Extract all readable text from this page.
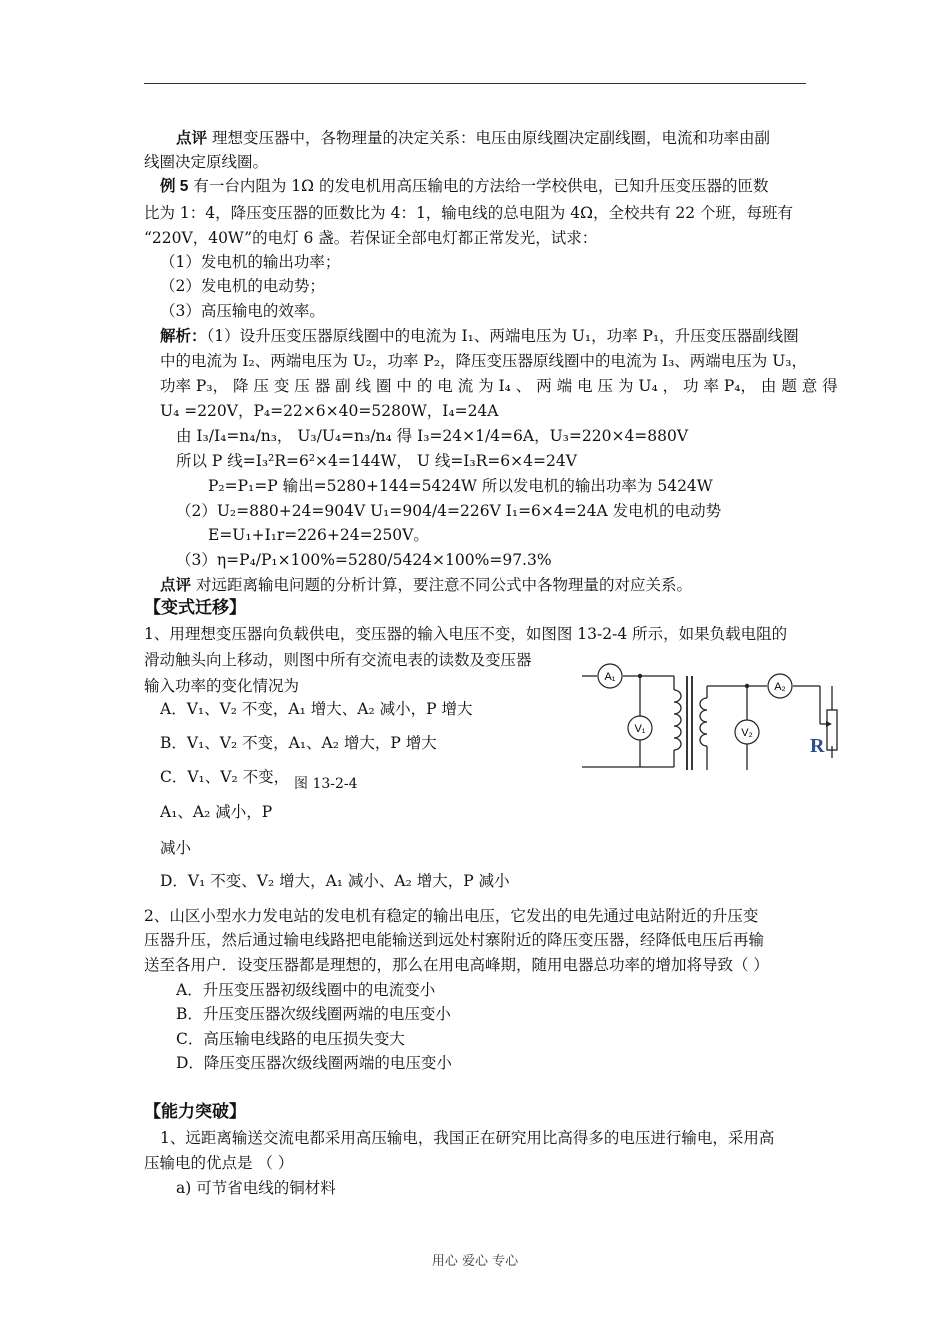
点评 理想变压器中，各物理量的决定关系：电压由原线圈决定副线圈，电流和功率由副
线圈决定原线圈。
例 5 有一台内阻为 1Ω 的发电机用高压输电的方法给一学校供电，已知升压变压器的匝数
比为 1：4，降压变压器的匝数比为 4：1，输电线的总电阻为 4Ω，全校共有 22 个班，每班有
“220V，40W”的电灯 6 盏。若保证全部电灯都正常发光，试求：
（1）发电机的输出功率；
（2）发电机的电动势；
（3）高压输电的效率。
解析：（1）设升压变压器原线圈中的电流为 I₁、两端电压为 U₁，功率 P₁，升压变压器副线圈
中的电流为 I₂、两端电压为 U₂，功率 P₂，降压变压器原线圈中的电流为 I₃、两端电压为 U₃，
功率 P₃， 降 压 变 压 器 副 线 圈 中 的 电 流 为 I₄ 、 两 端 电 压 为 U₄ ， 功 率 P₄， 由 题 意 得
U₄ =220V，P₄=22×6×40=5280W，I₄=24A
由 I₃/I₄=n₄/n₃， U₃/U₄=n₃/n₄ 得 I₃=24×1/4=6A，U₃=220×4=880V
所以 P 线=I₃²R=6²×4=144W， U 线=I₃R=6×4=24V
P₂=P₁=P 输出=5280+144=5424W 所以发电机的输出功率为 5424W
（2）U₂=880+24=904V U₁=904/4=226V I₁=6×4=24A 发电机的电动势
E=U₁+I₁r=226+24=250V。
（3）η=P₄/P₁×100%=5280/5424×100%=97.3%
点评 对远距离输电问题的分析计算，要注意不同公式中各物理量的对应关系。
【变式迁移】
1、用理想变压器向负载供电，变压器的输入电压不变，如图图 13-2-4 所示，如果负载电阻的
滑动触头向上移动，则图中所有交流电表的读数及变压器
输入功率的变化情况为
A．V₁、V₂ 不变，A₁ 增大、A₂ 减小，P 增大
B．V₁、V₂ 不变，A₁、A₂ 增大，P 增大
C．V₁、V₂ 不变， 图 13-2-4
A₁、A₂ 减小，P
减小
D．V₁ 不变、V₂ 增大，A₁ 减小、A₂ 增大，P 减小
2、山区小型水力发电站的发电机有稳定的输出电压，它发出的电先通过电站附近的升压变
压器升压，然后通过输电线路把电能输送到远处村寨附近的降压变压器，经降低电压后再输
送至各用户．设变压器都是理想的，那么在用电高峰期，随用电器总功率的增加将导致（ ）
A．升压变压器初级线圈中的电流变小
B．升压变压器次级线圈两端的电压变小
C．高压输电线路的电压损失变大
D．降压变压器次级线圈两端的电压变小
【能力突破】
1、远距离输送交流电都采用高压输电，我国正在研究用比高得多的电压进行输电，采用高
压输电的优点是 （ ）
a) 可节省电线的铜材料
A₁
V₁
A₂
V₂
R
用心 爱心 专心
